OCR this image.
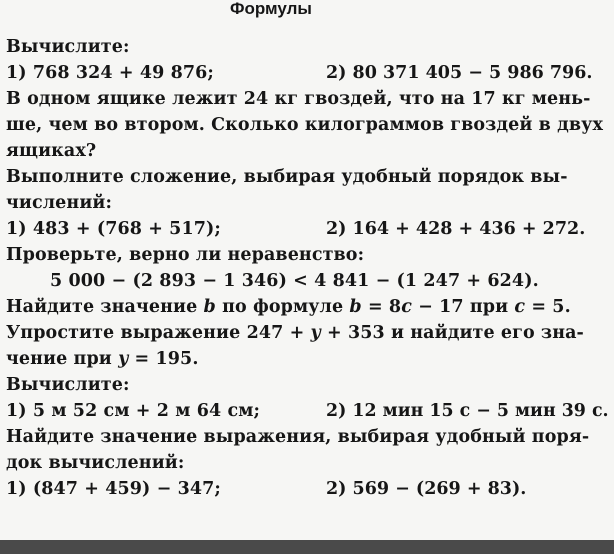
Формулы
Вычислите:
1) 768 324 + 49 876;	2) 80 371 405 − 5 986 796.
В одном ящике лежит 24 кг гвоздей, что на 17 кг мень-
ше, чем во втором. Сколько килограммов гвоздей в двух
ящиках?
Выполните сложение, выбирая удобный порядок вы-
числений:
1) 483 + (768 + 517);	2) 164 + 428 + 436 + 272.
Проверьте, верно ли неравенство:
5 000 − (2 893 − 1 346) < 4 841 − (1 247 + 624).
Найдите значение b по формуле b = 8c − 17 при c = 5.
Упростите выражение 247 + y + 353 и найдите его зна-
чение при y = 195.
Вычислите:
1) 5 м 52 см + 2 м 64 см;	2) 12 мин 15 с − 5 мин 39 с.
Найдите значение выражения, выбирая удобный поря-
док вычислений:
1) (847 + 459) − 347;	2) 569 − (269 + 83).
